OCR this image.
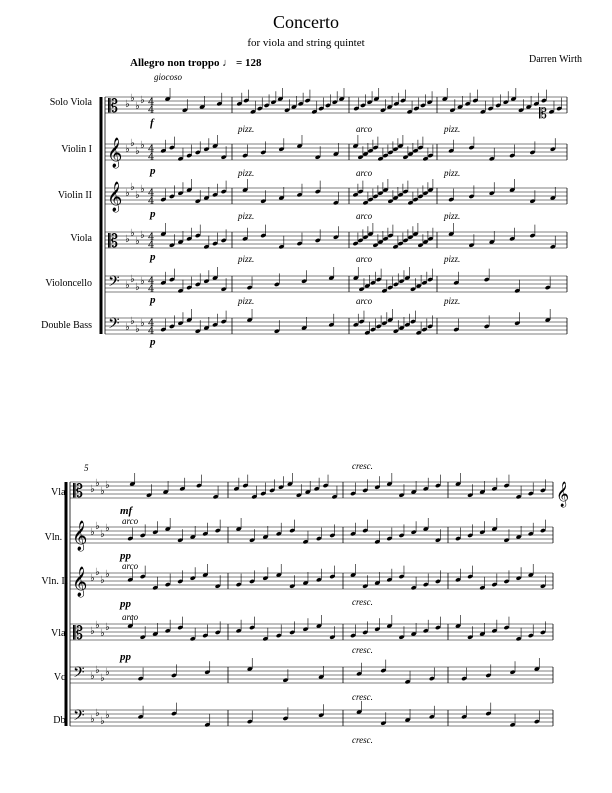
Concerto
for viola and string quintet
Darren Wirth
Allegro non troppo ♩ = 128
Solo Viola
Violin I
Violin II
Viola
Violoncello
Double Bass
giocoso
f
p
p
p
p
p
pizz.	arco	pizz.
pizz.	arco	pizz.
pizz.	arco	pizz.
pizz.	arco	pizz.
pizz.	arco	pizz.
Vla.
Vln. I
Vln. II
Vla.
Vc.
Db.
5
mf
arco
pp
arco
pp
arco
pp
cresc.
cresc.
cresc.
cresc.
cresc.
𝄡 ♭
♭
♭
♭ 4
4
𝄞 ♭
♭
♭
♭ 4
4
𝄞 ♭
♭
♭
♭ 4
4
𝄡 ♭
♭
♭
♭ 4
4
𝄢 ♭
♭
♭
♭ 4
4
𝄢 ♭
♭
♭
♭ 4
4
𝄡
𝄡 ♭
♭
♭
♭
𝄞 ♭
♭
♭
♭
𝄞 ♭
♭
♭
♭
𝄡 ♭
♭
♭
♭
𝄢 ♭
♭
♭
♭
𝄢 ♭
♭
♭
♭
𝄞
